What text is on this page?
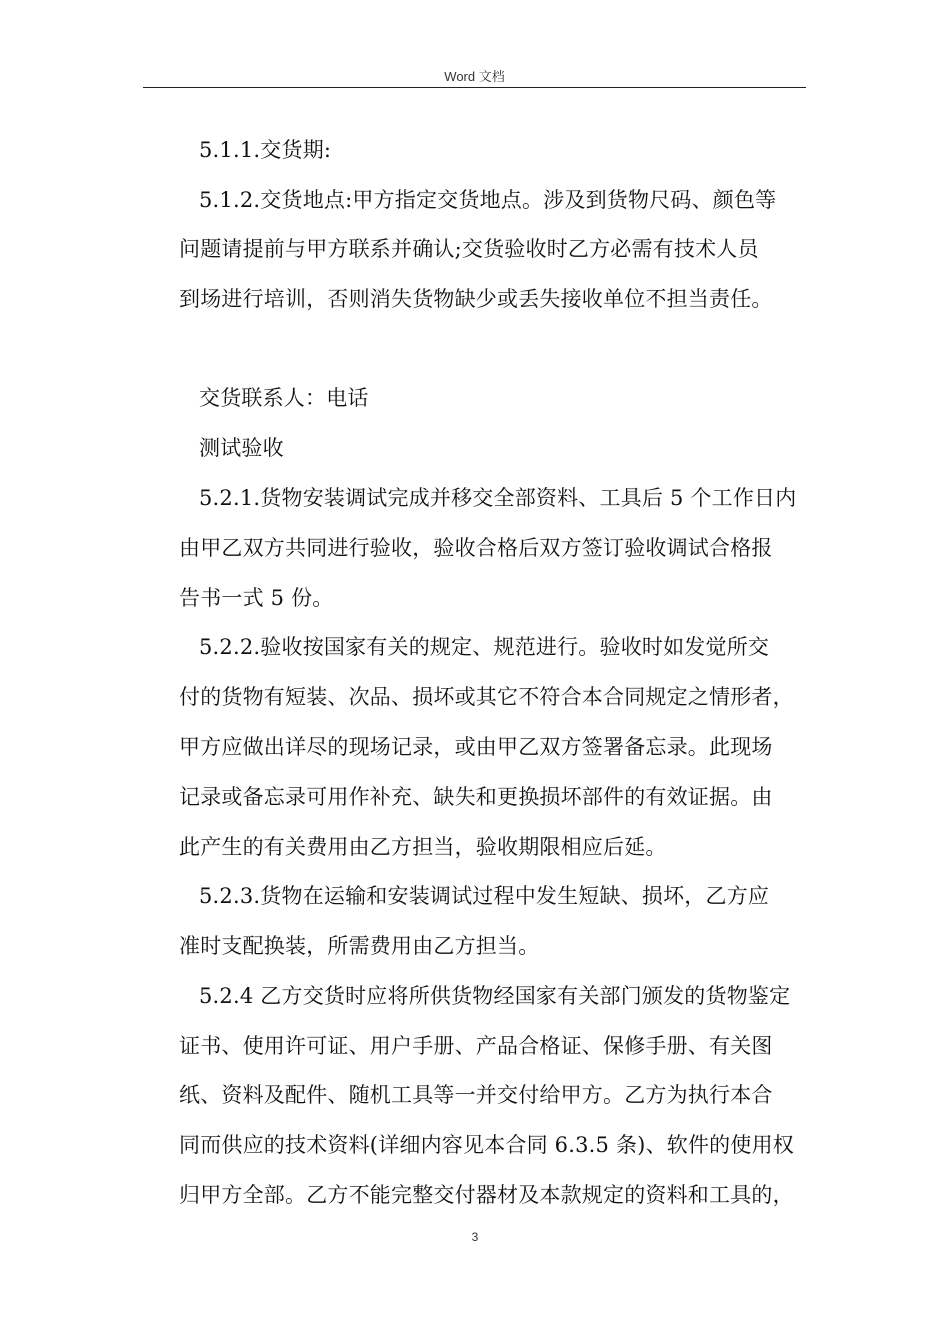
Word 文档
5.1.1.交货期:
5.1.2.交货地点:甲方指定交货地点。涉及到货物尺码、颜色等
问题请提前与甲方联系并确认;交货验收时乙方必需有技术人员
到场进行培训，否则消失货物缺少或丢失接收单位不担当责任。
交货联系人：电话
测试验收
5.2.1.货物安装调试完成并移交全部资料、工具后 5 个工作日内
由甲乙双方共同进行验收，验收合格后双方签订验收调试合格报
告书一式 5 份。
5.2.2.验收按国家有关的规定、规范进行。验收时如发觉所交
付的货物有短装、次品、损坏或其它不符合本合同规定之情形者，
甲方应做出详尽的现场记录，或由甲乙双方签署备忘录。此现场
记录或备忘录可用作补充、缺失和更换损坏部件的有效证据。由
此产生的有关费用由乙方担当，验收期限相应后延。
5.2.3.货物在运输和安装调试过程中发生短缺、损坏，乙方应
准时支配换装，所需费用由乙方担当。
5.2.4 乙方交货时应将所供货物经国家有关部门颁发的货物鉴定
证书、使用许可证、用户手册、产品合格证、保修手册、有关图
纸、资料及配件、随机工具等一并交付给甲方。乙方为执行本合
同而供应的技术资料(详细内容见本合同 6.3.5 条)、软件的使用权
归甲方全部。乙方不能完整交付器材及本款规定的资料和工具的，
3
